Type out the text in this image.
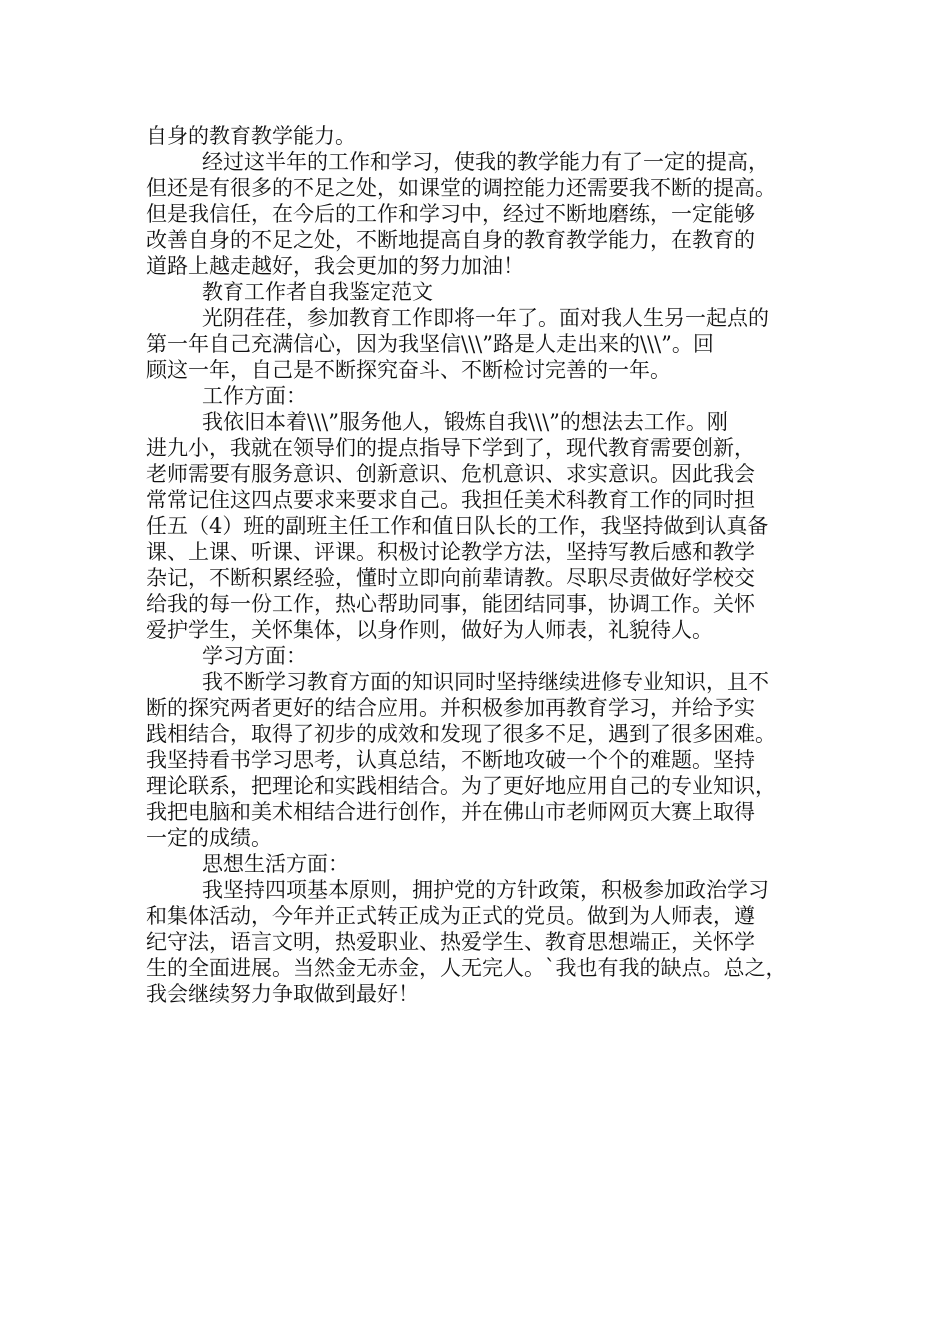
自身的教育教学能力。
经过这半年的工作和学习，使我的教学能力有了一定的提高，
但还是有很多的不足之处，如课堂的调控能力还需要我不断的提高。
但是我信任，在今后的工作和学习中，经过不断地磨练，一定能够
改善自身的不足之处，不断地提高自身的教育教学能力，在教育的
道路上越走越好，我会更加的努力加油！
教育工作者自我鉴定范文
光阴荏荏，参加教育工作即将一年了。面对我人生另一起点的
第一年自己充满信心，因为我坚信\\\”路是人走出来的\\\”。回
顾这一年，自己是不断探究奋斗、不断检讨完善的一年。
工作方面：
我依旧本着\\\”服务他人，锻炼自我\\\”的想法去工作。刚
进九小，我就在领导们的提点指导下学到了，现代教育需要创新，
老师需要有服务意识、创新意识、危机意识、求实意识。因此我会
常常记住这四点要求来要求自己。我担任美术科教育工作的同时担
任五（4）班的副班主任工作和值日队长的工作，我坚持做到认真备
课、上课、听课、评课。积极讨论教学方法，坚持写教后感和教学
杂记，不断积累经验，懂时立即向前辈请教。尽职尽责做好学校交
给我的每一份工作，热心帮助同事，能团结同事，协调工作。关怀
爱护学生，关怀集体，以身作则，做好为人师表，礼貌待人。
学习方面：
我不断学习教育方面的知识同时坚持继续进修专业知识，且不
断的探究两者更好的结合应用。并积极参加再教育学习，并给予实
践相结合，取得了初步的成效和发现了很多不足，遇到了很多困难。
我坚持看书学习思考，认真总结，不断地攻破一个个的难题。坚持
理论联系，把理论和实践相结合。为了更好地应用自己的专业知识，
我把电脑和美术相结合进行创作，并在佛山市老师网页大赛上取得
一定的成绩。
思想生活方面：
我坚持四项基本原则，拥护党的方针政策，积极参加政治学习
和集体活动，今年并正式转正成为正式的党员。做到为人师表，遵
纪守法，语言文明，热爱职业、热爱学生、教育思想端正，关怀学
生的全面进展。当然金无赤金，人无完人。`我也有我的缺点。总之，
我会继续努力争取做到最好！
